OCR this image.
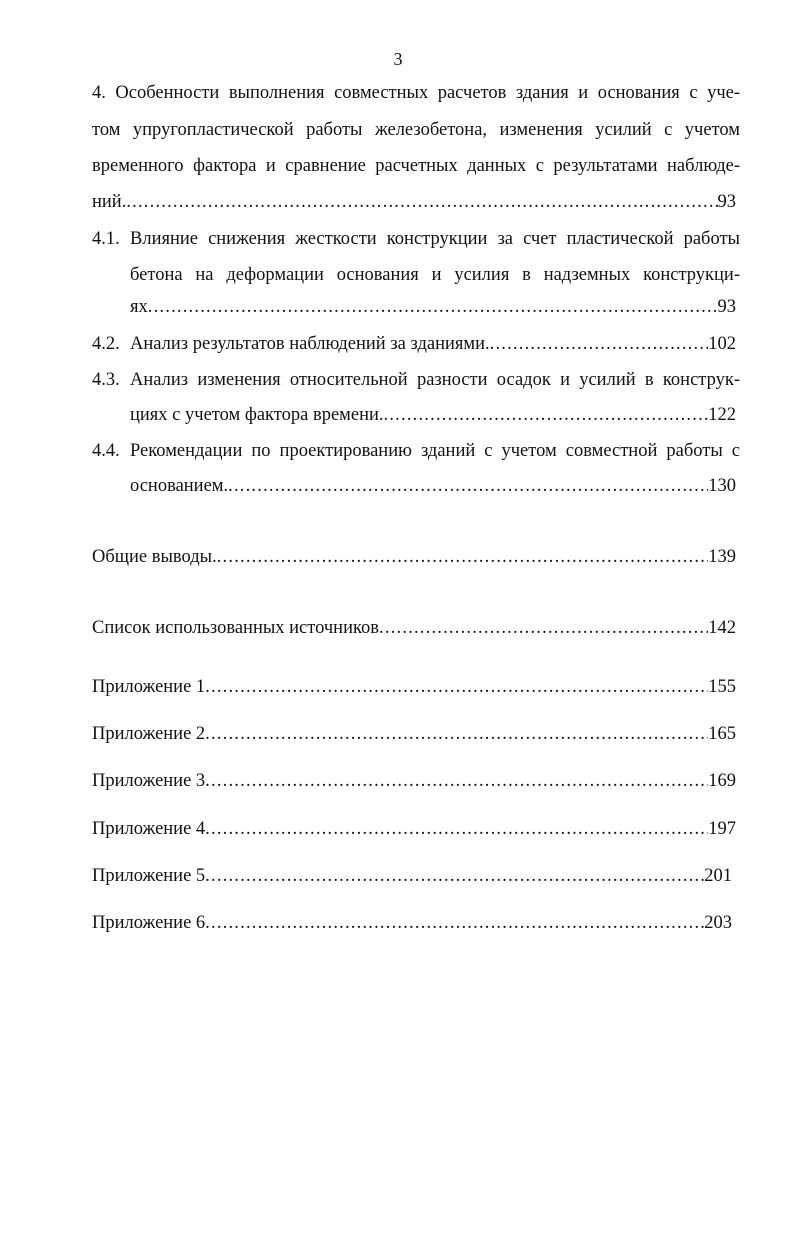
3
4. Особенности выполнения совместных расчетов здания и основания с уче-
том упругопластической работы железобетона, изменения усилий с учетом
временного фактора и сравнение расчетных данных с результатами наблюде-
ний. .....	93
4.1. Влияние снижения жесткости конструкции за счет пластической работы
бетона на деформации основания и усилия в надземных конструкци-
ях .....	93
4.2. Анализ результатов наблюдений за зданиями. .....	102
4.3. Анализ изменения относительной разности осадок и усилий в конструк-
циях с учетом фактора времени. .....	122
4.4. Рекомендации по проектированию зданий с учетом совместной работы с
основанием. .....	130
Общие выводы. .....	139
Список использованных источников .....	142
Приложение 1 .....	155
Приложение 2 .....	165
Приложение 3 .....	169
Приложение 4 .....	197
Приложение 5 .....	201
Приложение 6 .....	203
